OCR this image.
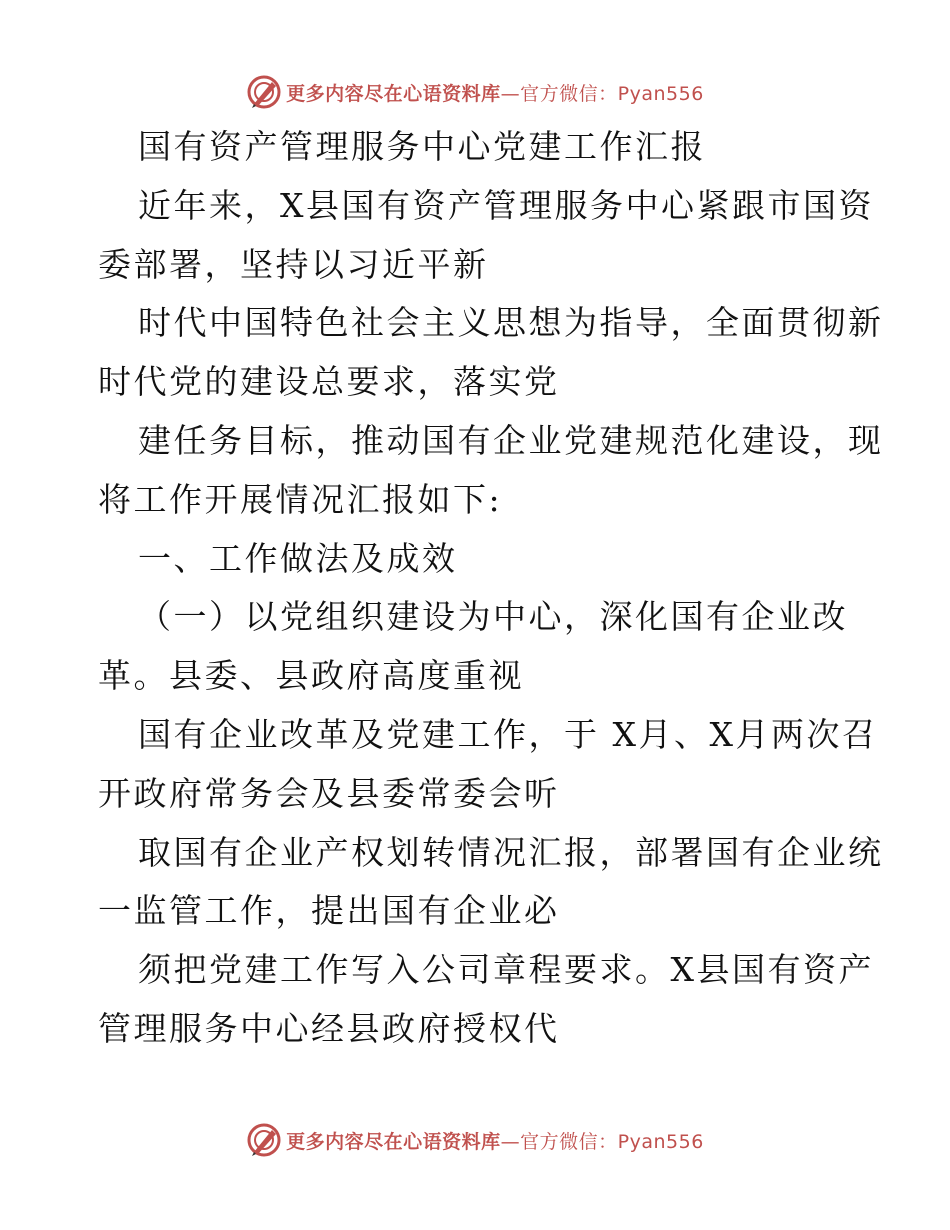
更多内容尽在心语资料库—官方微信：Pyan556
国有资产管理服务中心党建工作汇报
近年来，X县国有资产管理服务中心紧跟市国资
委部署，坚持以习近平新
时代中国特色社会主义思想为指导，全面贯彻新
时代党的建设总要求，落实党
建任务目标，推动国有企业党建规范化建设，现
将工作开展情况汇报如下:
一、工作做法及成效
（一）以党组织建设为中心，深化国有企业改
革。县委、县政府高度重视
国有企业改革及党建工作，于 X月、X月两次召
开政府常务会及县委常委会听
取国有企业产权划转情况汇报，部署国有企业统
一监管工作，提出国有企业必
须把党建工作写入公司章程要求。X县国有资产
管理服务中心经县政府授权代
更多内容尽在心语资料库—官方微信：Pyan556
